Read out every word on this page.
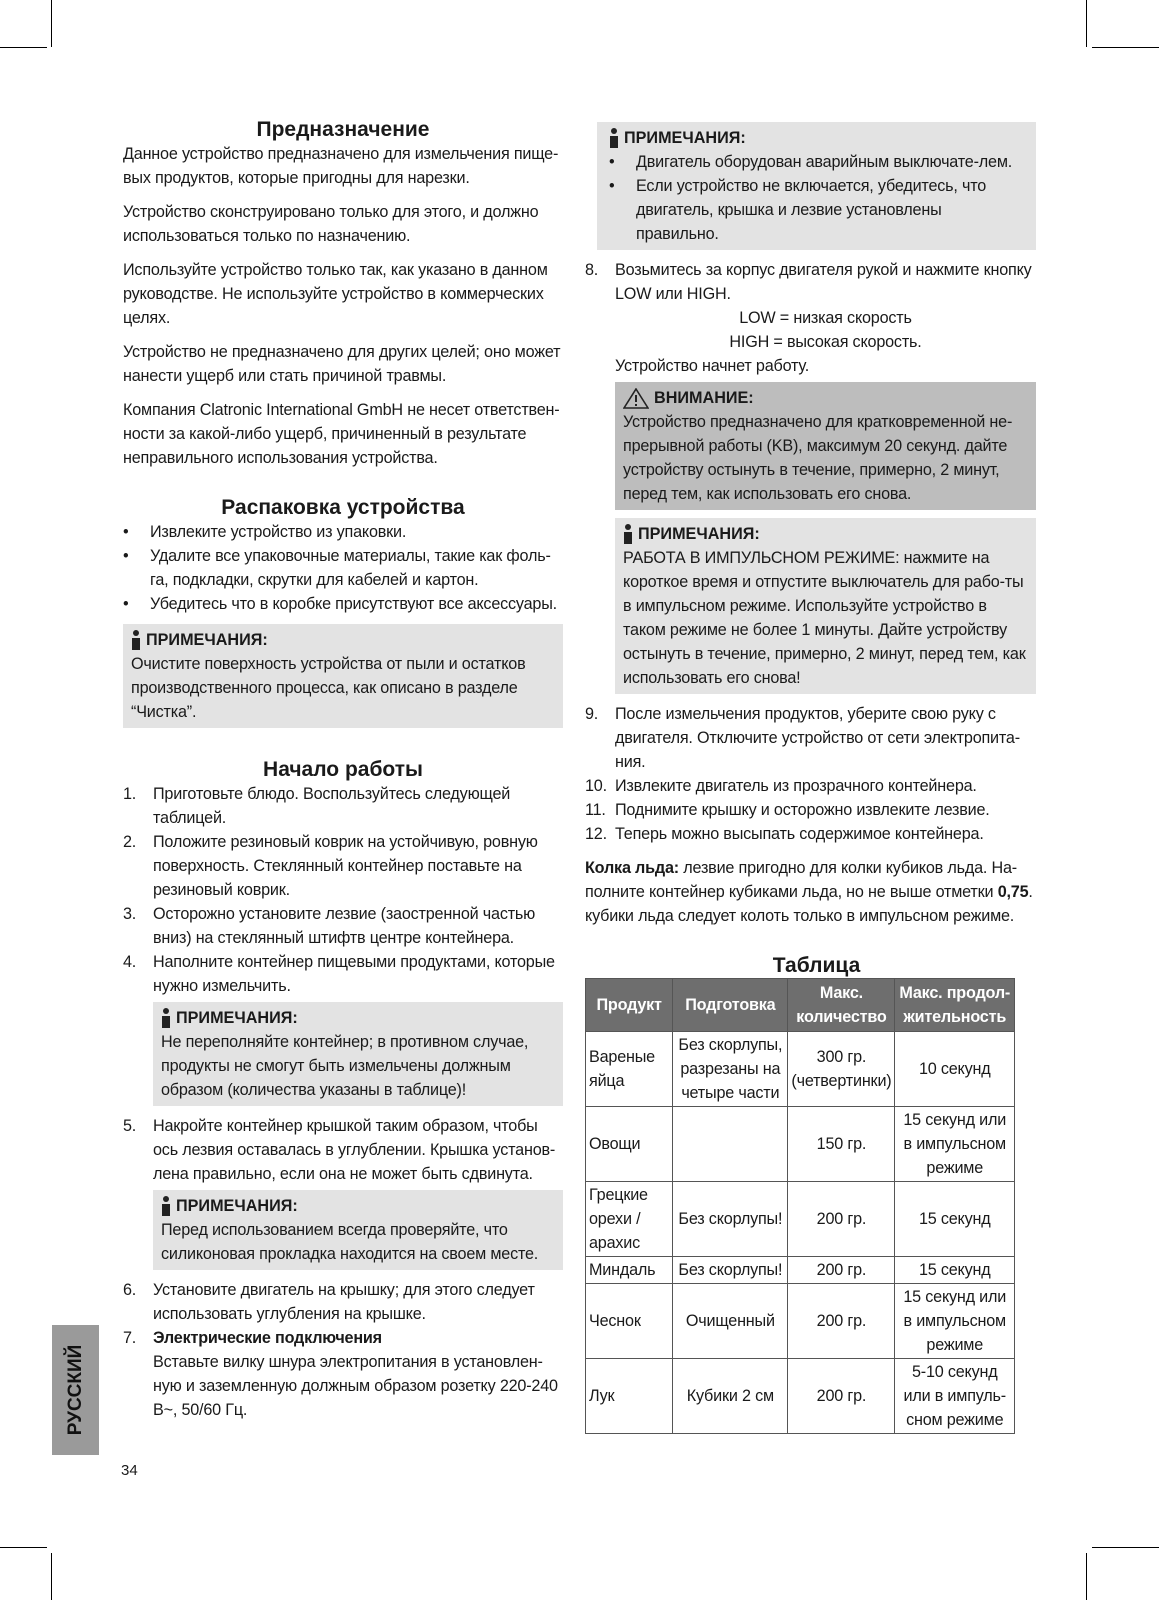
Предназначение

Данное устройство предназначено для измельчения пище-вых продуктов, которые пригодны для нарезки.

Устройство сконструировано только для этого, и должно использоваться только по назначению.

Используйте устройство только так, как указано в данном руководстве. Не используйте устройство в коммерческих целях.

Устройство не предназначено для других целей; оно может нанести ущерб или стать причиной травмы.

Компания Clatronic International GmbH не несет ответствен-ности за какой-либо ущерб, причиненный в результате неправильного использования устройства.

Распаковка устройства
• Извлеките устройство из упаковки.
• Удалите все упаковочные материалы, такие как фоль-га, подкладки, скрутки для кабелей и картон.
• Убедитесь что в коробке присутствуют все аксессуары.
ПРИМЕЧАНИЯ:
Очистите поверхность устройства от пыли и остатков производственного процесса, как описано в разделе “Чистка”.
Начало работы
1. Приготовьте блюдо. Воспользуйтесь следующей таблицей.
2. Положите резиновый коврик на устойчивую, ровную поверхность. Стеклянный контейнер поставьте на резиновый коврик.
3. Осторожно установите лезвие (заостренной частью вниз) на стеклянный штифтв центре контейнера.
4. Наполните контейнер пищевыми продуктами, которые нужно измельчить.
ПРИМЕЧАНИЯ:
Не переполняйте контейнер; в противном случае, продукты не смогут быть измельчены должным образом (количества указаны в таблице)!
5. Накройте контейнер крышкой таким образом, чтобы ось лезвия оставалась в углублении. Крышка установ-лена правильно, если она не может быть сдвинута.
ПРИМЕЧАНИЯ:
Перед использованием всегда проверяйте, что силиконовая прокладка находится на своем месте.
6. Установите двигатель на крышку; для этого следует использовать углубления на крышке.
7. Электрические подключения
Вставьте вилку шнура электропитания в установлен-ную и заземленную должным образом розетку 220-240 В~, 50/60 Гц.
ПРИМЕЧАНИЯ:
• Двигатель оборудован аварийным выключате-лем.
• Если устройство не включается, убедитесь, что двигатель, крышка и лезвие установлены правильно.
8. Возьмитесь за корпус двигателя рукой и нажмите кнопку LOW или HIGH.
LOW = низкая скорость
HIGH = высокая скорость.
Устройство начнет работу.
ВНИМАНИЕ:
Устройство предназначено для кратковременной не-прерывной работы (KB), максимум 20 секунд. дайте устройству остынуть в течение, примерно, 2 минут, перед тем, как использовать его снова.
ПРИМЕЧАНИЯ:
РАБОТА В ИМПУЛЬСНОМ РЕЖИМЕ: нажмите на короткое время и отпустите выключатель для рабо-ты в импульсном режиме. Используйте устройство в таком режиме не более 1 минуты. Дайте устройству остынуть в течение, примерно, 2 минут, перед тем, как использовать его снова!
9. После измельчения продуктов, уберите свою руку с двигателя. Отключите устройство от сети электропита-ния.
10. Извлеките двигатель из прозрачного контейнера.
11. Поднимите крышку и осторожно извлеките лезвие.
12. Теперь можно высыпать содержимое контейнера.

Колка льда: лезвие пригодно для колки кубиков льда. На-полните контейнер кубиками льда, но не выше отметки 0,75. кубики льда следует колоть только в импульсном режиме.

Таблица
Продукт	Подготовка	Макс. количество	Макс. продол-жительность
Вареные яйца	Без скорлупы, разрезаны на четыре части	300 гр. (четвертинки)	10 секунд
Овощи		150 гр.	15 секунд или в импульсном режиме
Грецкие орехи / арахис	Без скорлупы!	200 гр.	15 секунд
Миндаль	Без скорлупы!	200 гр.	15 секунд
Чеснок	Очищенный	200 гр.	15 секунд или в импульсном режиме
Лук	Кубики 2 см	200 гр.	5-10 секунд или в импуль-сном режиме
РУССКИЙ
34
